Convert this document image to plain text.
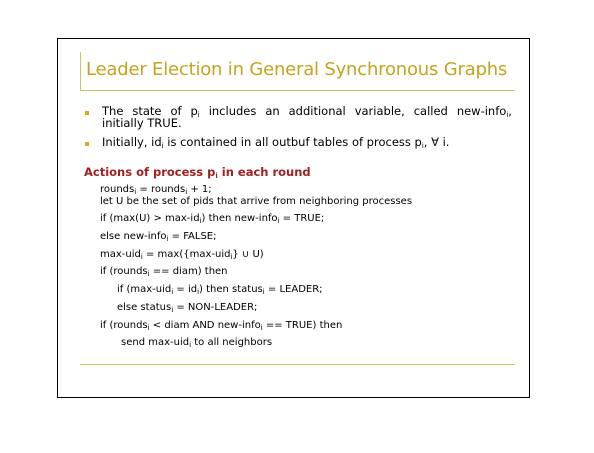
Leader Election in General Synchronous Graphs
The state of $p_i$ includes an additional variable, called new-info$_i$,
initially TRUE.
Initially, $id_i$ is contained in all outbuf tables of process $p_i$, ∀ i.
Actions of process $p_i$ in each round
rounds$_i$ = rounds$_i$ + 1;
let U be the set of pids that arrive from neighboring processes
if $(\max(U) > \max-id_i)$ then new-info$_i$ = TRUE;
else new-info$_i$ = FALSE;
max-uid$_i$ = max({max-uid$_i$} ∪ U)
if (rounds$_i$ == diam) then
if $(\max-uid_i = id_i)$ then status$_i$ = LEADER;
else status$_i$ = NON-LEADER;
if (rounds$_i$ < diam AND new-info$_i$ == TRUE) then
send max-uid$_i$ to all neighbors
